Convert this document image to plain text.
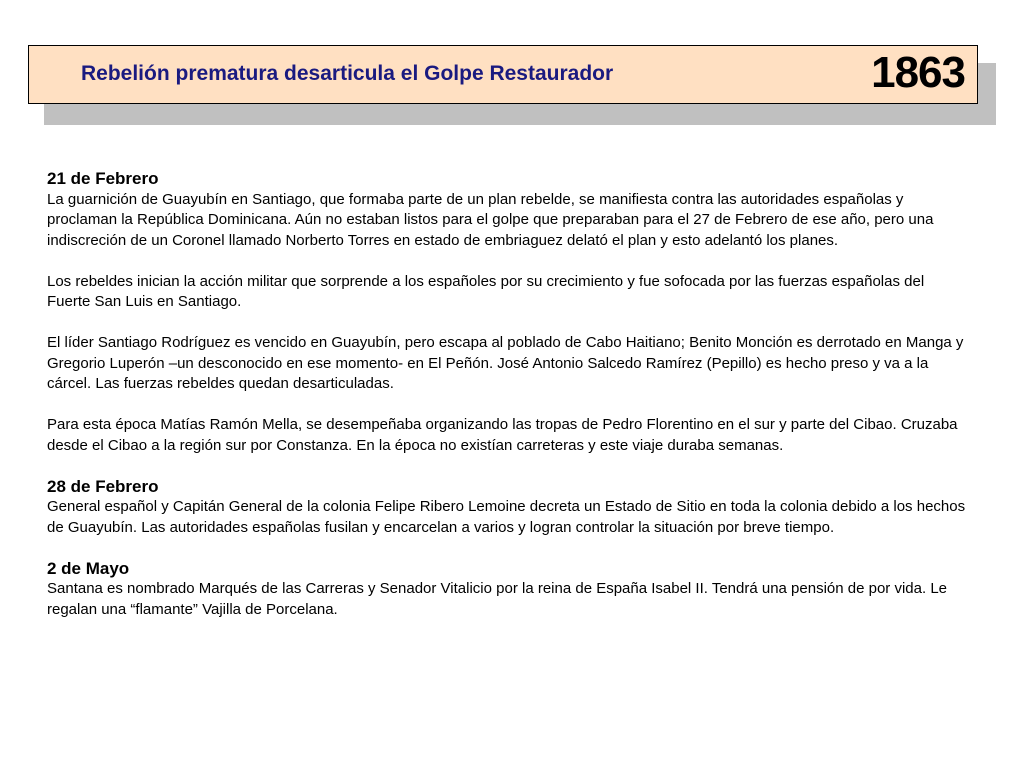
Rebelión prematura desarticula el Golpe Restaurador	1863
21 de Febrero

La guarnición de Guayubín en Santiago, que formaba parte de un plan rebelde, se manifiesta contra las autoridades españolas y proclaman la República Dominicana. Aún no estaban listos para el golpe que preparaban para el 27 de Febrero de ese año, pero una indiscreción de un Coronel llamado Norberto Torres en estado de embriaguez delató el plan y esto adelantó los planes.

Los rebeldes inician la acción militar que sorprende a los españoles por su crecimiento y fue sofocada por las fuerzas españolas del Fuerte San Luis en Santiago.

El líder Santiago Rodríguez es vencido en Guayubín, pero escapa al poblado de Cabo Haitiano; Benito Monción es derrotado en Manga y Gregorio Luperón –un desconocido en ese momento- en El Peñón. José Antonio Salcedo Ramírez (Pepillo) es hecho preso y va a la cárcel. Las fuerzas rebeldes quedan desarticuladas.

Para esta época Matías Ramón Mella, se desempeñaba organizando las tropas de Pedro Florentino en el sur y parte del Cibao. Cruzaba desde el Cibao a la región sur por Constanza. En la época no existían carreteras y este viaje duraba semanas.

28 de Febrero

General español y Capitán General de la colonia Felipe Ribero Lemoine decreta un Estado de Sitio en toda la colonia debido a los hechos de Guayubín. Las autoridades españolas fusilan y encarcelan a varios y logran controlar la situación por breve tiempo.

2 de Mayo

Santana es nombrado Marqués de las Carreras y Senador Vitalicio por la reina de España Isabel II. Tendrá una pensión de por vida. Le regalan una “flamante” Vajilla de Porcelana.
